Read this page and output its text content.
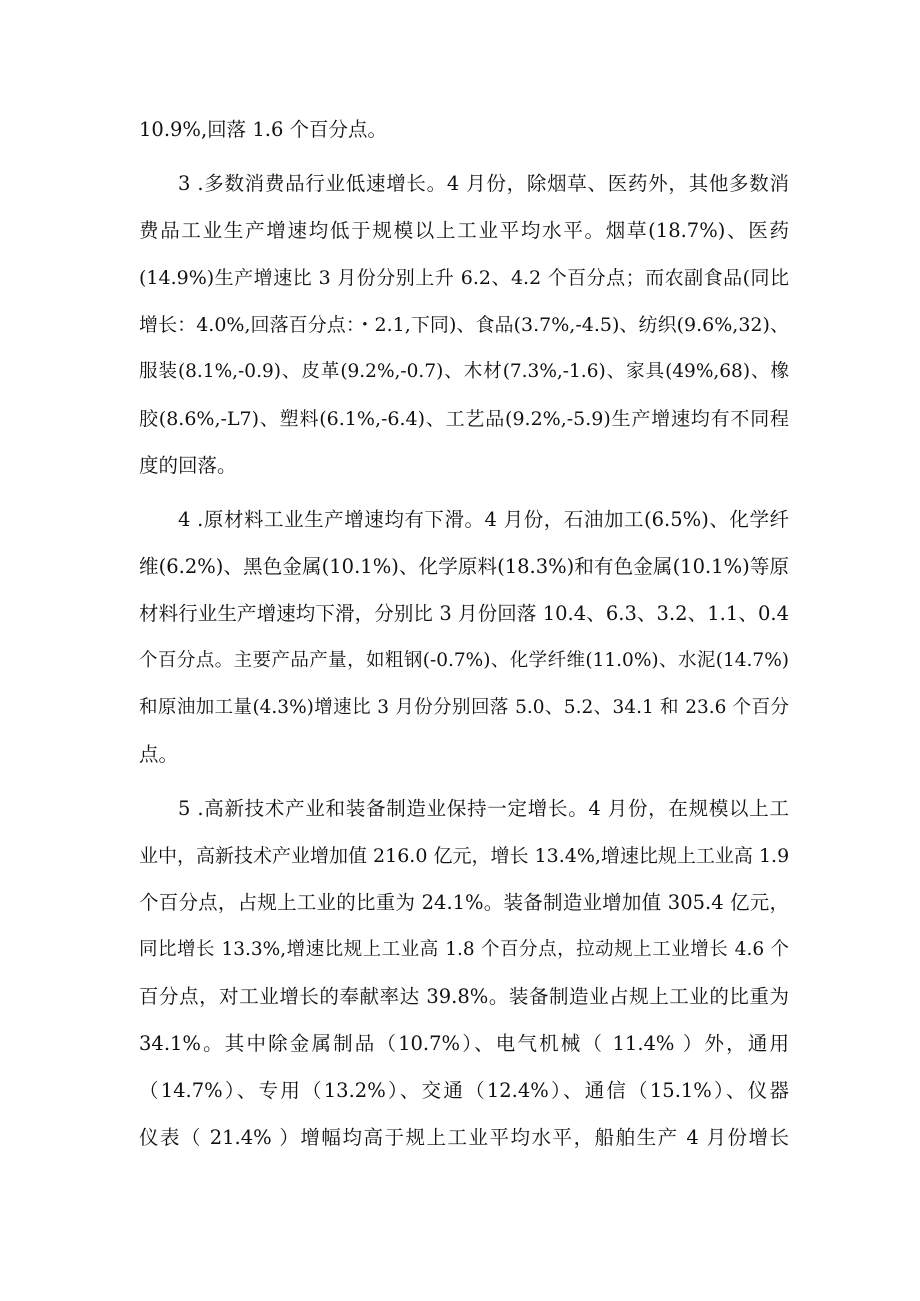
10.9%,回落 1.6 个百分点。
3 .多数消费品行业低速增长。4 月份，除烟草、医药外，其他多数消
费品工业生产增速均低于规模以上工业平均水平。烟草(18.7%)、医药
(14.9%)生产增速比 3 月份分别上升 6.2、4.2 个百分点；而农副食品(同比
增长：4.0%,回落百分点：・2.1,下同)、食品(3.7%,-4.5)、纺织(9.6%,32)、
服装(8.1%,-0.9)、皮革(9.2%,-0.7)、木材(7.3%,-1.6)、家具(49%,68)、橡
胶(8.6%,-L7)、塑料(6.1%,-6.4)、工艺品(9.2%,-5.9)生产增速均有不同程
度的回落。
4 .原材料工业生产增速均有下滑。4 月份，石油加工(6.5%)、化学纤
维(6.2%)、黑色金属(10.1%)、化学原料(18.3%)和有色金属(10.1%)等原
材料行业生产增速均下滑，分别比 3 月份回落 10.4、6.3、3.2、1.1、0.4
个百分点。主要产品产量，如粗钢(-0.7%)、化学纤维(11.0%)、水泥(14.7%)
和原油加工量(4.3%)增速比 3 月份分别回落 5.0、5.2、34.1 和 23.6 个百分
点。
5 .高新技术产业和装备制造业保持一定增长。4 月份，在规模以上工
业中，高新技术产业增加值 216.0 亿元，增长 13.4%,增速比规上工业高 1.9
个百分点，占规上工业的比重为 24.1%。装备制造业增加值 305.4 亿元，
同比增长 13.3%,增速比规上工业高 1.8 个百分点，拉动规上工业增长 4.6 个
百分点，对工业增长的奉献率达 39.8%。装备制造业占规上工业的比重为
34.1%。其中除金属制品（10.7%）、电气机械（ 11.4% ）外，通用
（14.7%）、专用（13.2%）、交通（12.4%）、通信（15.1%）、仪器
仪表（ 21.4% ）增幅均高于规上工业平均水平，船舶生产 4 月份增长
